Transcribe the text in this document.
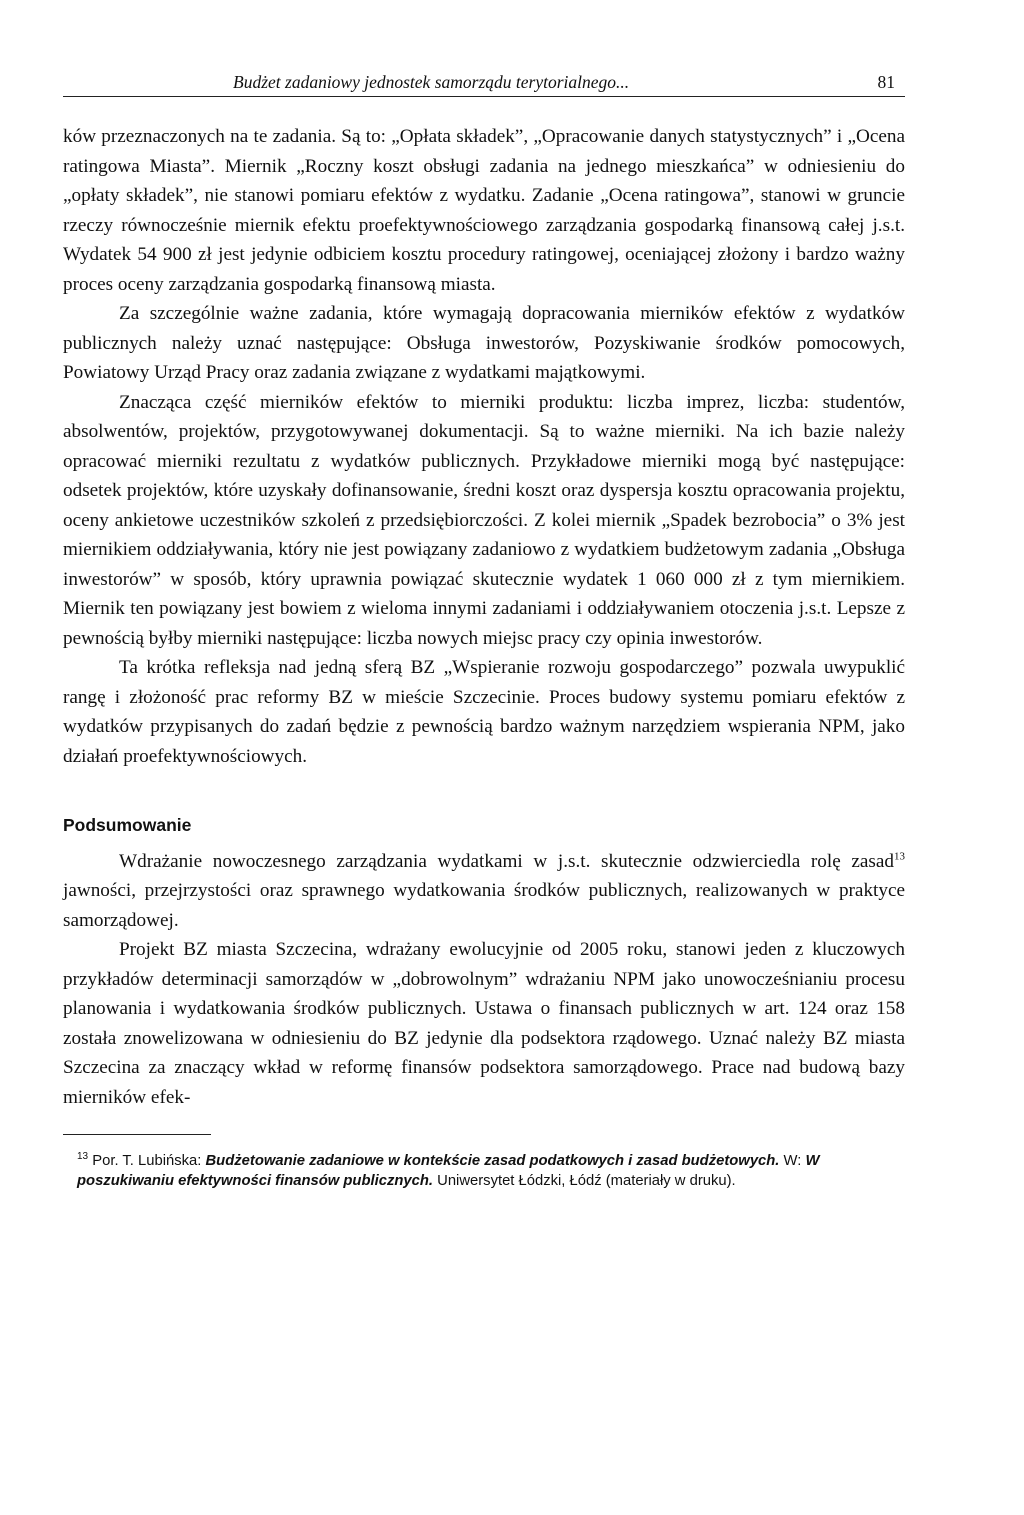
Budżet zadaniowy jednostek samorządu terytorialnego...	81

ków przeznaczonych na te zadania. Są to: „Opłata składek”, „Opracowanie danych statystycznych” i „Ocena ratingowa Miasta”. Miernik „Roczny koszt obsługi zadania na jednego mieszkańca” w odniesieniu do „opłaty składek”, nie stanowi pomiaru efektów z wydatku. Zadanie „Ocena ratingowa”, stanowi w gruncie rzeczy równocześnie miernik efektu proefektywnościowego zarządzania gospodarką finansową całej j.s.t. Wydatek 54 900 zł jest jedynie odbiciem kosztu procedury ratingowej, oceniającej złożony i bardzo ważny proces oceny zarządzania gospodarką finansową miasta.

Za szczególnie ważne zadania, które wymagają dopracowania mierników efektów z wydatków publicznych należy uznać następujące: Obsługa inwestorów, Pozyskiwanie środków pomocowych, Powiatowy Urząd Pracy oraz zadania związane z wydatkami majątkowymi.

Znacząca część mierników efektów to mierniki produktu: liczba imprez, liczba: studentów, absolwentów, projektów, przygotowywanej dokumentacji. Są to ważne mierniki. Na ich bazie należy opracować mierniki rezultatu z wydatków publicznych. Przykładowe mierniki mogą być następujące: odsetek projektów, które uzyskały dofinansowanie, średni koszt oraz dyspersja kosztu opracowania projektu, oceny ankietowe uczestników szkoleń z przedsiębiorczości. Z kolei miernik „Spadek bezrobocia” o 3% jest miernikiem oddziaływania, który nie jest powiązany zadaniowo z wydatkiem budżetowym zadania „Obsługa inwestorów” w sposób, który uprawnia powiązać skutecznie wydatek 1 060 000 zł z tym miernikiem. Miernik ten powiązany jest bowiem z wieloma innymi zadaniami i oddziaływaniem otoczenia j.s.t. Lepsze z pewnością byłby mierniki następujące: liczba nowych miejsc pracy czy opinia inwestorów.

Ta krótka refleksja nad jedną sferą BZ „Wspieranie rozwoju gospodarczego” pozwala uwypuklić rangę i złożoność prac reformy BZ w mieście Szczecinie. Proces budowy systemu pomiaru efektów z wydatków przypisanych do zadań będzie z pewnością bardzo ważnym narzędziem wspierania NPM, jako działań proefektywnościowych.

Podsumowanie

Wdrażanie nowoczesnego zarządzania wydatkami w j.s.t. skutecznie odzwierciedla rolę zasad$^{13}$ jawności, przejrzystości oraz sprawnego wydatkowania środków publicznych, realizowanych w praktyce samorządowej.

Projekt BZ miasta Szczecina, wdrażany ewolucyjnie od 2005 roku, stanowi jeden z kluczowych przykładów determinacji samorządów w „dobrowolnym” wdrażaniu NPM jako unowocześnianiu procesu planowania i wydatkowania środków publicznych. Ustawa o finansach publicznych w art. 124 oraz 158 została znowelizowana w odniesieniu do BZ jedynie dla podsektora rządowego. Uznać należy BZ miasta Szczecina za znaczący wkład w reformę finansów podsektora samorządowego. Prace nad budową bazy mierników efek-

$^{13}$ Por. T. Lubińska: Budżetowanie zadaniowe w kontekście zasad podatkowych i zasad budżetowych. W: W poszukiwaniu efektywności finansów publicznych. Uniwersytet Łódzki, Łódź (materiały w druku).
